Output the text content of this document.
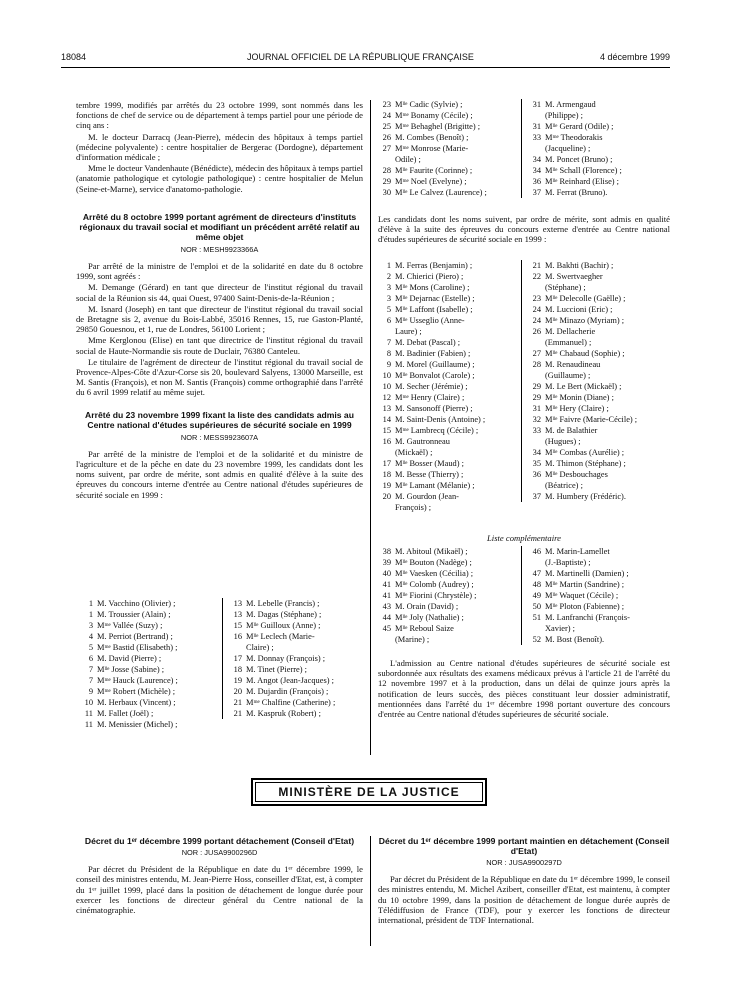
18084	JOURNAL OFFICIEL DE LA RÉPUBLIQUE FRANÇAISE	4 décembre 1999

tembre 1999, modifiés par arrêtés du 23 octobre 1999, sont nommés dans les fonctions de chef de service ou de département à temps partiel pour une période de cinq ans :

M. le docteur Darracq (Jean-Pierre), médecin des hôpitaux à temps partiel (médecine polyvalente) : centre hospitalier de Bergerac (Dordogne), département d'information médicale ;

Mme le docteur Vandenhaute (Bénédicte), médecin des hôpitaux à temps partiel (anatomie pathologique et cytologie pathologique) : centre hospitalier de Melun (Seine-et-Marne), service d'anatomo-pathologie.

Arrêté du 8 octobre 1999 portant agrément de directeurs d'instituts régionaux du travail social et modifiant un précédent arrêté relatif au même objet
NOR : MESH9923366A

Par arrêté de la ministre de l'emploi et de la solidarité en date du 8 octobre 1999, sont agréés :

M. Demange (Gérard) en tant que directeur de l'institut régional du travail social de la Réunion sis 44, quai Ouest, 97400 Saint-Denis-de-la-Réunion ;

M. Isnard (Joseph) en tant que directeur de l'institut régional du travail social de Bretagne sis 2, avenue du Bois-Labbé, 35016 Rennes, 15, rue Gaston-Planté, 29850 Gouesnou, et 1, rue de Londres, 56100 Lorient ;

Mme Kerglonou (Elise) en tant que directrice de l'institut régional du travail social de Haute-Normandie sis route de Duclair, 76380 Canteleu.

Le titulaire de l'agrément de directeur de l'institut régional du travail social de Provence-Alpes-Côte d'Azur-Corse sis 20, boulevard Salyens, 13000 Marseille, est M. Santis (François), et non M. Santis (François) comme orthographié dans l'arrêté du 6 avril 1999 relatif au même sujet.

Arrêté du 23 novembre 1999 fixant la liste des candidats admis au Centre national d'études supérieures de sécurité sociale en 1999
NOR : MESS9923607A

Par arrêté de la ministre de l'emploi et de la solidarité et du ministre de l'agriculture et de la pêche en date du 23 novembre 1999, les candidats dont les noms suivent, par ordre de mérite, sont admis en qualité d'élève à la suite des épreuves du concours interne d'entrée au Centre national d'études supérieures de sécurité sociale en 1999 :

1 M. Vacchino (Olivier) ;
1 M. Troussier (Alain) ;
3 Mᵐᵉ Vallée (Suzy) ;
4 M. Perriot (Bertrand) ;
5 Mᵐᵉ Bastid (Elisabeth) ;
6 M. David (Pierre) ;
7 Mˡˡᵉ Josse (Sabine) ;
7 Mᵐᵉ Hauck (Laurence) ;
9 Mᵐᵉ Robert (Michèle) ;
10 M. Herbaux (Vincent) ;
11 M. Fallet (Joël) ;
11 M. Menissier (Michel) ;
13 M. Lebelle (Francis) ;
13 M. Dagas (Stéphane) ;
15 Mˡˡᵉ Guilloux (Anne) ;
16 Mˡˡᵉ Leclech (Marie-
Claire) ;
17 M. Donnay (François) ;
18 M. Tinet (Pierre) ;
19 M. Angot (Jean-Jacques) ;
20 M. Dujardin (François) ;
21 Mᵐᵉ Chalfine (Catherine) ;
21 M. Kaspruk (Robert) ;
23 Mˡˡᵉ Cadic (Sylvie) ;
24 Mᵐᵉ Bonamy (Cécile) ;
25 Mᵐᵉ Behaghel (Brigitte) ;
26 M. Combes (Benoît) ;
27 Mᵐᵉ Monrose (Marie-
Odile) ;
28 Mˡˡᵉ Faurite (Corinne) ;
29 Mᵐᵉ Noel (Evelyne) ;
30 Mˡˡᵉ Le Calvez (Laurence) ;
31 M. Armengaud
(Philippe) ;
31 Mˡˡᵉ Gerard (Odile) ;
33 Mᵐᵉ Theodorakis
(Jacqueline) ;
34 M. Poncet (Bruno) ;
34 Mˡˡᵉ Schall (Florence) ;
36 Mˡˡᵉ Reinhard (Elise) ;
37 M. Ferrat (Bruno).
1 M. Ferras (Benjamin) ;
2 M. Chierici (Piero) ;
3 Mˡˡᵉ Mons (Caroline) ;
3 Mˡˡᵉ Dejarnac (Estelle) ;
5 Mˡˡᵉ Laffont (Isabelle) ;
6 Mˡˡᵉ Usseglio (Anne-
Laure) ;
7 M. Debat (Pascal) ;
8 M. Badinier (Fabien) ;
9 M. Morel (Guillaume) ;
10 Mˡˡᵉ Bonvalot (Carole) ;
10 M. Secher (Jérémie) ;
12 Mᵐᵉ Henry (Claire) ;
13 M. Sansonoff (Pierre) ;
14 M. Saint-Denis (Antoine) ;
15 Mᵐᵉ Lambrecq (Cécile) ;
16 M. Gautronneau
(Mickaël) ;
17 Mˡˡᵉ Bosser (Maud) ;
18 M. Besse (Thierry) ;
19 Mˡˡᵉ Lamant (Mélanie) ;
20 M. Gourdon (Jean-
François) ;
21 M. Bakhti (Bachir) ;
22 M. Swertvaegher
(Stéphane) ;
23 Mˡˡᵉ Delecolle (Gaëlle) ;
24 M. Luccioni (Eric) ;
24 Mˡˡᵉ Minazo (Myriam) ;
26 M. Dellacherie
(Emmanuel) ;
27 Mˡˡᵉ Chabaud (Sophie) ;
28 M. Renaudineau
(Guillaume) ;
29 M. Le Bert (Mickaël) ;
29 Mˡˡᵉ Monin (Diane) ;
31 Mˡˡᵉ Hery (Claire) ;
32 Mˡˡᵉ Faivre (Marie-Cécile) ;
33 M. de Balathier
(Hugues) ;
34 Mˡˡᵉ Combas (Aurélie) ;
35 M. Thimon (Stéphane) ;
36 Mˡˡᵉ Desbouchages
(Béatrice) ;
37 M. Humbery (Frédéric).
38 M. Abitoul (Mikaël) ;
39 Mˡˡᵉ Bouton (Nadège) ;
40 Mˡˡᵉ Vaesken (Cécilia) ;
41 Mˡˡᵉ Colomb (Audrey) ;
41 Mˡˡᵉ Fiorini (Chrystèle) ;
43 M. Orain (David) ;
44 Mˡˡᵉ Joly (Nathalie) ;
45 Mˡˡᵉ Reboul Saize
(Marine) ;
46 M. Marin-Lamellet
(J.-Baptiste) ;
47 M. Martinelli (Damien) ;
48 Mˡˡᵉ Martin (Sandrine) ;
49 Mˡˡᵉ Waquet (Cécile) ;
50 Mˡˡᵉ Ploton (Fabienne) ;
51 M. Lanfranchi (François-
Xavier) ;
52 M. Bost (Benoît).
Les candidats dont les noms suivent, par ordre de mérite, sont admis en qualité d'élève à la suite des épreuves du concours externe d'entrée au Centre national d'études supérieures de sécurité sociale en 1999 :
Liste complémentaire
L'admission au Centre national d'études supérieures de sécurité sociale est subordonnée aux résultats des examens médicaux prévus à l'article 21 de l'arrêté du 12 novembre 1997 et à la production, dans un délai de quinze jours après la notification de leurs succès, des pièces constituant leur dossier administratif, mentionnées dans l'arrêté du 1ᵉʳ décembre 1998 portant ouverture des concours d'entrée au Centre national d'études supérieures de sécurité sociale.
MINISTÈRE DE LA JUSTICE
Décret du 1ᵉʳ décembre 1999 portant détachement (Conseil d'Etat)
NOR : JUSA9900296D

Par décret du Président de la République en date du 1ᵉʳ décembre 1999, le conseil des ministres entendu, M. Jean-Pierre Hoss, conseiller d'Etat, est, à compter du 1ᵉʳ juillet 1999, placé dans la position de détachement de longue durée pour exercer les fonctions de directeur général du Centre national de la cinématographie.

Décret du 1ᵉʳ décembre 1999 portant maintien en détachement (Conseil d'Etat)
NOR : JUSA9900297D

Par décret du Président de la République en date du 1ᵉʳ décembre 1999, le conseil des ministres entendu, M. Michel Azibert, conseiller d'Etat, est maintenu, à compter du 10 octobre 1999, dans la position de détachement de longue durée auprès de Télédiffusion de France (TDF), pour y exercer les fonctions de directeur international, président de TDF International.
